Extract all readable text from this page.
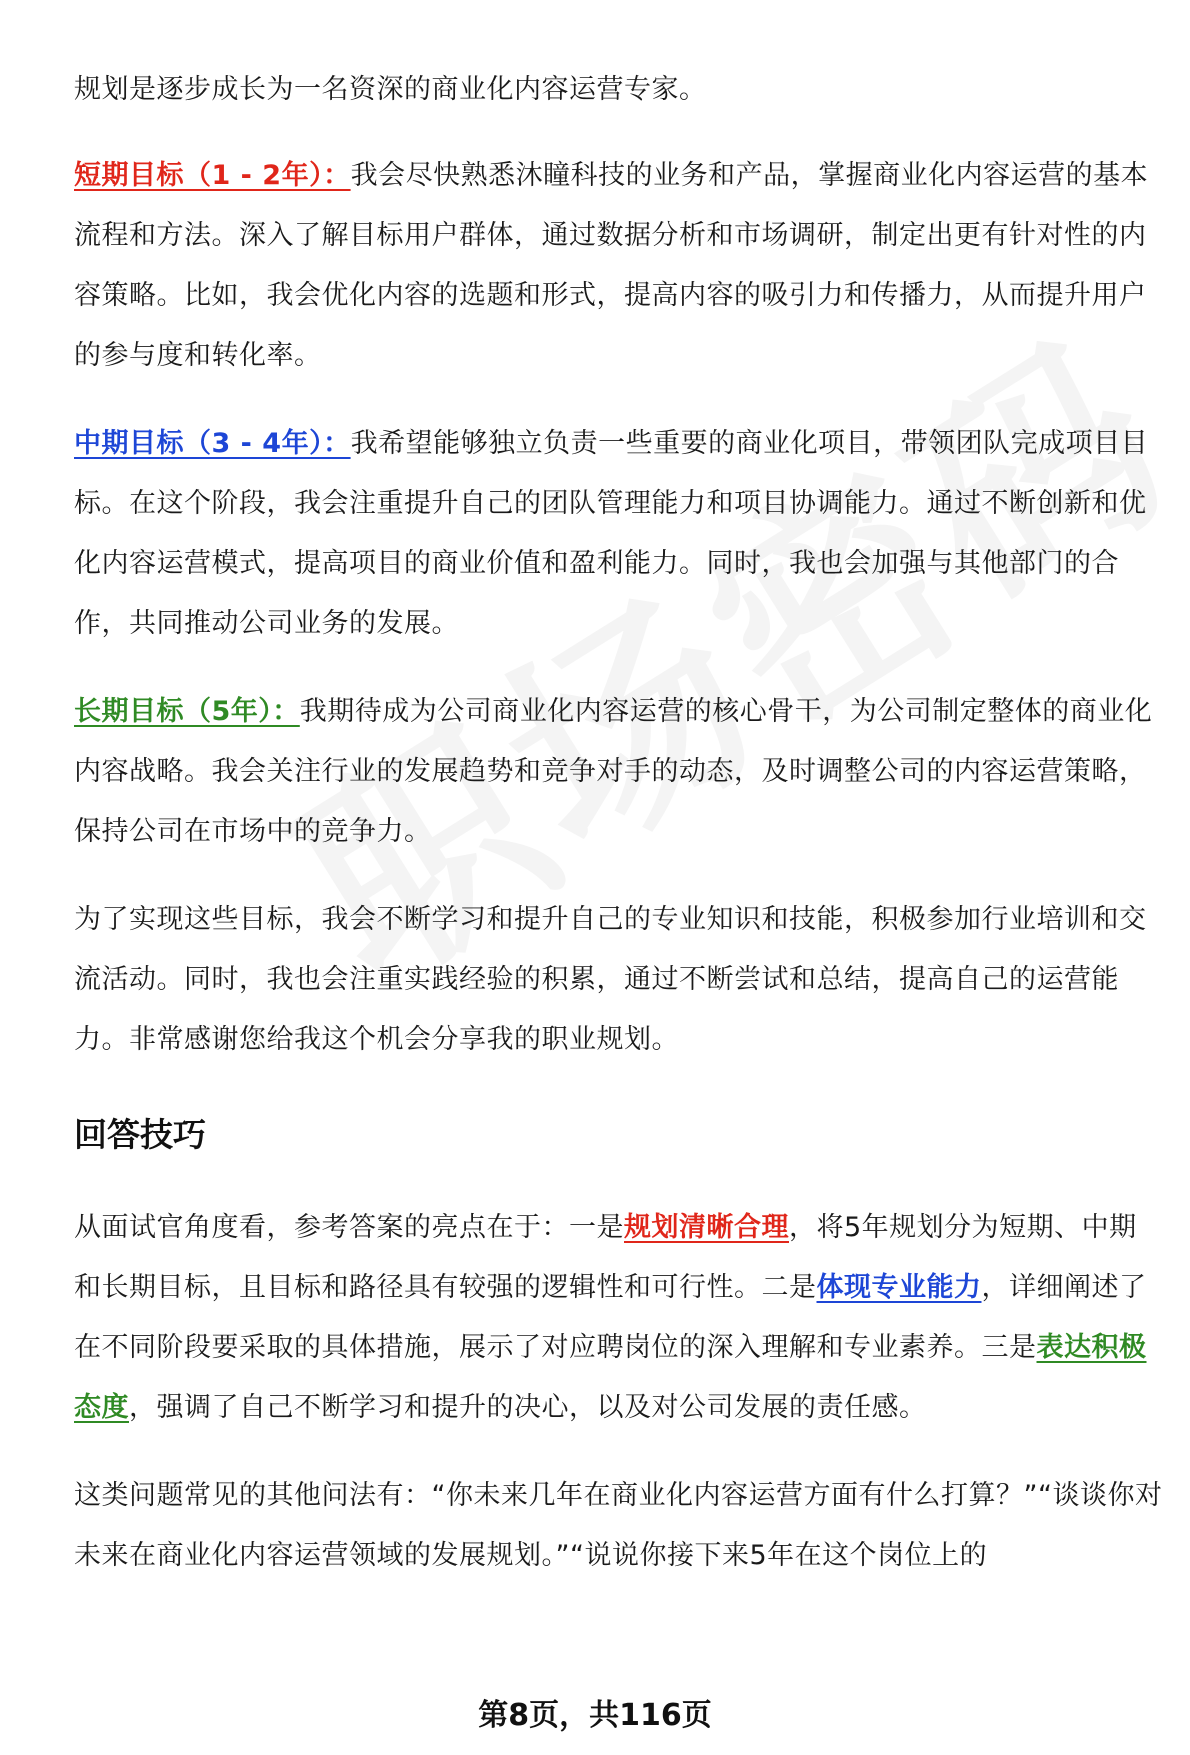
规划是逐步成长为一名资深的商业化内容运营专家。

短期目标（1 - 2年）：我会尽快熟悉沐瞳科技的业务和产品，掌握商业化内容运营的基本流程和方法。深入了解目标用户群体，通过数据分析和市场调研，制定出更有针对性的内容策略。比如，我会优化内容的选题和形式，提高内容的吸引力和传播力，从而提升用户的参与度和转化率。

中期目标（3 - 4年）：我希望能够独立负责一些重要的商业化项目，带领团队完成项目目标。在这个阶段，我会注重提升自己的团队管理能力和项目协调能力。通过不断创新和优化内容运营模式，提高项目的商业价值和盈利能力。同时，我也会加强与其他部门的合作，共同推动公司业务的发展。

长期目标（5年）：我期待成为公司商业化内容运营的核心骨干，为公司制定整体的商业化内容战略。我会关注行业的发展趋势和竞争对手的动态，及时调整公司的内容运营策略，保持公司在市场中的竞争力。

为了实现这些目标，我会不断学习和提升自己的专业知识和技能，积极参加行业培训和交流活动。同时，我也会注重实践经验的积累，通过不断尝试和总结，提高自己的运营能力。非常感谢您给我这个机会分享我的职业规划。

回答技巧

从面试官角度看，参考答案的亮点在于：一是规划清晰合理，将5年规划分为短期、中期和长期目标，且目标和路径具有较强的逻辑性和可行性。二是体现专业能力，详细阐述了在不同阶段要采取的具体措施，展示了对应聘岗位的深入理解和专业素养。三是表达积极态度，强调了自己不断学习和提升的决心，以及对公司发展的责任感。

这类问题常见的其他问法有：“你未来几年在商业化内容运营方面有什么打算？”“谈谈你对未来在商业化内容运营领域的发展规划。”“说说你接下来5年在这个岗位上的

第8页，共116页
